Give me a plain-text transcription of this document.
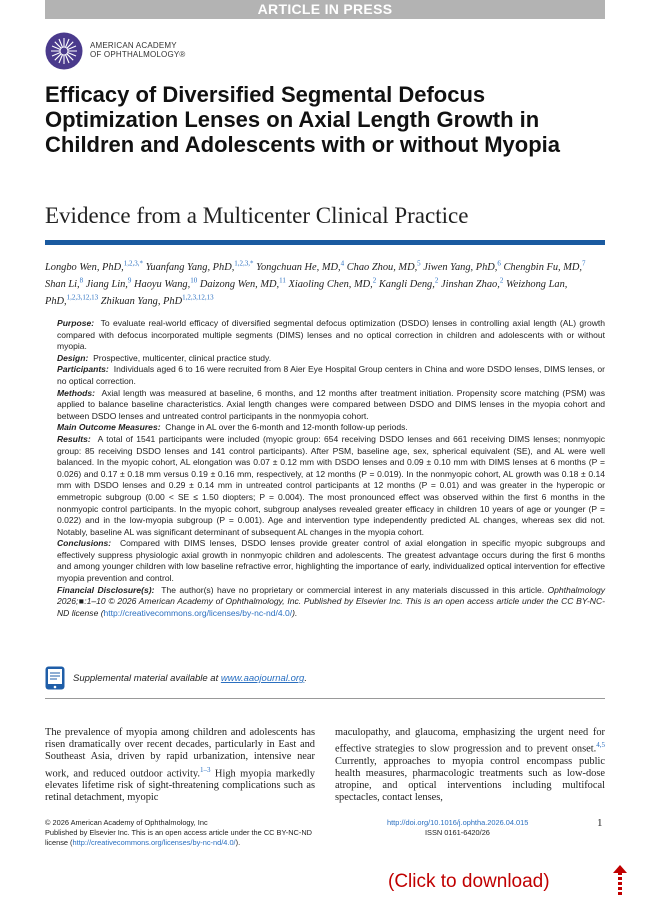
ARTICLE IN PRESS
AMERICAN ACADEMY
OF OPHTHALMOLOGY®
Efficacy of Diversified Segmental Defocus Optimization Lenses on Axial Length Growth in Children and Adolescents with or without Myopia
Evidence from a Multicenter Clinical Practice
Longbo Wen, PhD,$^{1,2,3,*}$ Yuanfang Yang, PhD,$^{1,2,3,*}$ Yongchuan He, MD,$^4$ Chao Zhou, MD,$^5$ Jiwen Yang, PhD,$^6$ Chengbin Fu, MD,$^7$ Shan Li,$^8$ Jiang Lin,$^9$ Haoyu Wang,$^{10}$ Daizong Wen, MD,$^{11}$ Xiaoling Chen, MD,$^2$ Kangli Deng,$^2$ Jinshan Zhao,$^2$ Weizhong Lan, PhD,$^{1,2,3,12,13}$ Zhikuan Yang, PhD$^{1,2,3,12,13}$

Purpose: To evaluate real-world efficacy of diversified segmental defocus optimization (DSDO) lenses in controlling axial length (AL) growth compared with defocus incorporated multiple segments (DIMS) lenses and no optical correction in children and adolescents with or without myopia.

Design: Prospective, multicenter, clinical practice study.

Participants: Individuals aged 6 to 16 were recruited from 8 Aier Eye Hospital Group centers in China and wore DSDO lenses, DIMS lenses, or no optical correction.

Methods: Axial length was measured at baseline, 6 months, and 12 months after treatment initiation. Propensity score matching (PSM) was applied to balance baseline characteristics. Axial length changes were compared between DSDO and DIMS lenses in the myopia cohort and between DSDO lenses and untreated control participants in the nonmyopia cohort.

Main Outcome Measures: Change in AL over the 6-month and 12-month follow-up periods.

Results: A total of 1541 participants were included (myopic group: 654 receiving DSDO lenses and 661 receiving DIMS lenses; nonmyopic group: 85 receiving DSDO lenses and 141 control participants). After PSM, baseline age, sex, spherical equivalent (SE), and AL were well balanced. In the myopic cohort, AL elongation was 0.07 ± 0.12 mm with DSDO lenses and 0.09 ± 0.10 mm with DIMS lenses at 6 months (P = 0.026) and 0.17 ± 0.18 mm versus 0.19 ± 0.16 mm, respectively, at 12 months (P = 0.019). In the nonmyopic cohort, AL growth was 0.18 ± 0.14 mm with DSDO lenses and 0.29 ± 0.14 mm in untreated control participants at 12 months (P = 0.01) and was greater in the hyperopic or emmetropic subgroup (0.00 < SE ≤ 1.50 diopters; P = 0.004). The most pronounced effect was observed within the first 6 months in the nonmyopic control participants. In the myopic cohort, subgroup analyses revealed greater efficacy in children 10 years of age or younger (P = 0.022) and in the low-myopia subgroup (P = 0.001). Age and intervention type independently predicted AL changes, whereas sex did not. Notably, baseline AL was significant determinant of subsequent AL changes in the myopia cohort.

Conclusions: Compared with DIMS lenses, DSDO lenses provide greater control of axial elongation in specific myopic subgroups and effectively suppress physiologic axial growth in nonmyopic children and adolescents. The greatest advantage occurs during the first 6 months and among younger children with low baseline refractive error, highlighting the importance of early, individualized optical intervention for effective myopia prevention and control.

Financial Disclosure(s): The author(s) have no proprietary or commercial interest in any materials discussed in this article. Ophthalmology 2026;■:1–10 © 2026 American Academy of Ophthalmology, Inc. Published by Elsevier Inc. This is an open access article under the CC BY-NC-ND license (http://creativecommons.org/licenses/by-nc-nd/4.0/).

Supplemental material available at www.aaojournal.org.
The prevalence of myopia among children and adolescents has risen dramatically over recent decades, particularly in East and Southeast Asia, driven by rapid urbanization, intensive near work, and reduced outdoor activity.$^{1-3}$ High myopia markedly elevates lifetime risk of sight-threatening complications such as retinal detachment, myopic
maculopathy, and glaucoma, emphasizing the urgent need for effective strategies to slow progression and to prevent onset.$^{4,5}$ Currently, approaches to myopia control encompass public health measures, pharmacologic treatments such as low-dose atropine, and optical interventions including multifocal spectacles, contact lenses,
© 2026 American Academy of Ophthalmology, Inc
Published by Elsevier Inc. This is an open access article under the CC BY-NC-ND
license (http://creativecommons.org/licenses/by-nc-nd/4.0/).
http://doi.org/10.1016/j.ophtha.2026.04.015
ISSN 0161-6420/26
1
(Click to download)
